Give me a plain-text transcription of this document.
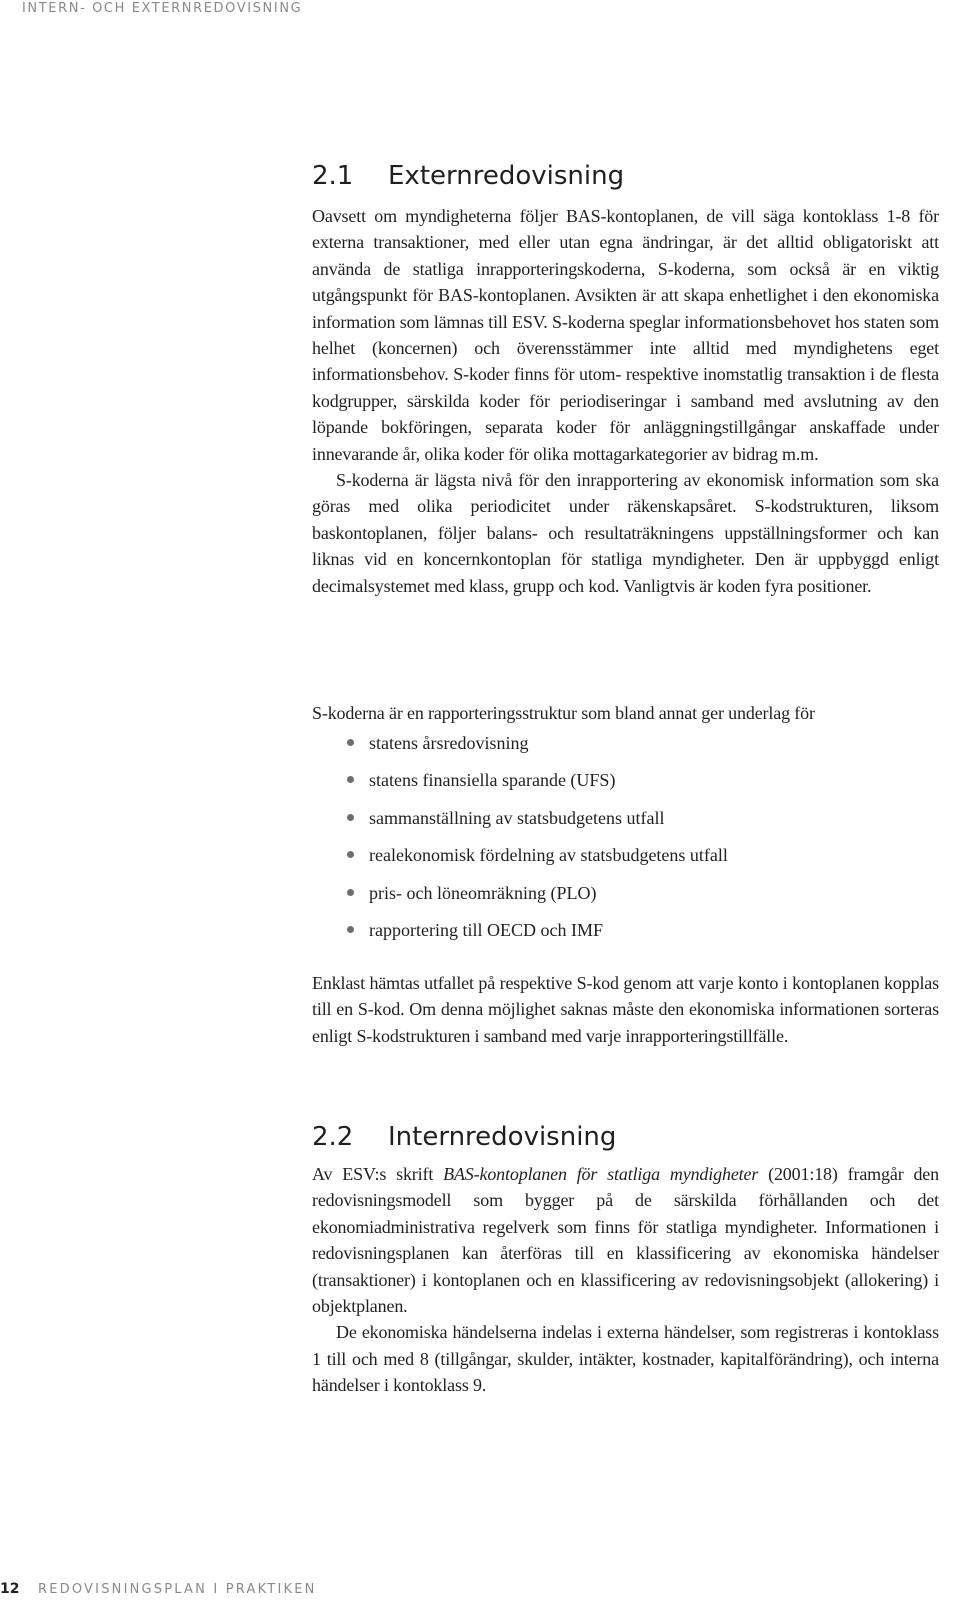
INTERN- OCH EXTERNREDOVISNING
2.1 Externredovisning

Oavsett om myndigheterna följer BAS-kontoplanen, de vill säga kontoklass 1-8 för externa transaktioner, med eller utan egna ändringar, är det alltid obligatoriskt att använda de statliga inrapporteringskoderna, S-koderna, som också är en viktig utgångspunkt för BAS-kontoplanen. Avsikten är att skapa enhetlighet i den ekonomiska information som lämnas till ESV. S-koderna speglar informationsbehovet hos staten som helhet (koncernen) och överensstämmer inte alltid med myndighetens eget informationsbehov. S-koder finns för utom- respektive inomstatlig transaktion i de flesta kodgrupper, särskilda koder för periodiseringar i samband med avslutning av den löpande bokföringen, separata koder för anläggningstillgångar anskaffade under innevarande år, olika koder för olika mottagarkategorier av bidrag m.m.

S-koderna är lägsta nivå för den inrapportering av ekonomisk information som ska göras med olika periodicitet under räkenskapsåret. S-kodstrukturen, liksom baskontoplanen, följer balans- och resultaträkningens uppställningsformer och kan liknas vid en koncernkontoplan för statliga myndigheter. Den är uppbyggd enligt decimalsystemet med klass, grupp och kod. Vanligtvis är koden fyra positioner.

S-koderna är en rapporteringsstruktur som bland annat ger underlag för

statens årsredovisning
statens finansiella sparande (UFS)
sammanställning av statsbudgetens utfall
realekonomisk fördelning av statsbudgetens utfall
pris- och löneomräkning (PLO)
rapportering till OECD och IMF

Enklast hämtas utfallet på respektive S-kod genom att varje konto i kontoplanen kopplas till en S-kod. Om denna möjlighet saknas måste den ekonomiska informationen sorteras enligt S-kodstrukturen i samband med varje inrapporteringstillfälle.

2.2 Internredovisning

Av ESV:s skrift BAS-kontoplanen för statliga myndigheter (2001:18) framgår den redovisningsmodell som bygger på de särskilda förhållanden och det ekonomiadministrativa regelverk som finns för statliga myndigheter. Informationen i redovisningsplanen kan återföras till en klassificering av ekonomiska händelser (transaktioner) i kontoplanen och en klassificering av redovisningsobjekt (allokering) i objektplanen.

De ekonomiska händelserna indelas i externa händelser, som registreras i kontoklass 1 till och med 8 (tillgångar, skulder, intäkter, kostnader, kapitalförändring), och interna händelser i kontoklass 9.

12 REDOVISNINGSPLAN I PRAKTIKEN
